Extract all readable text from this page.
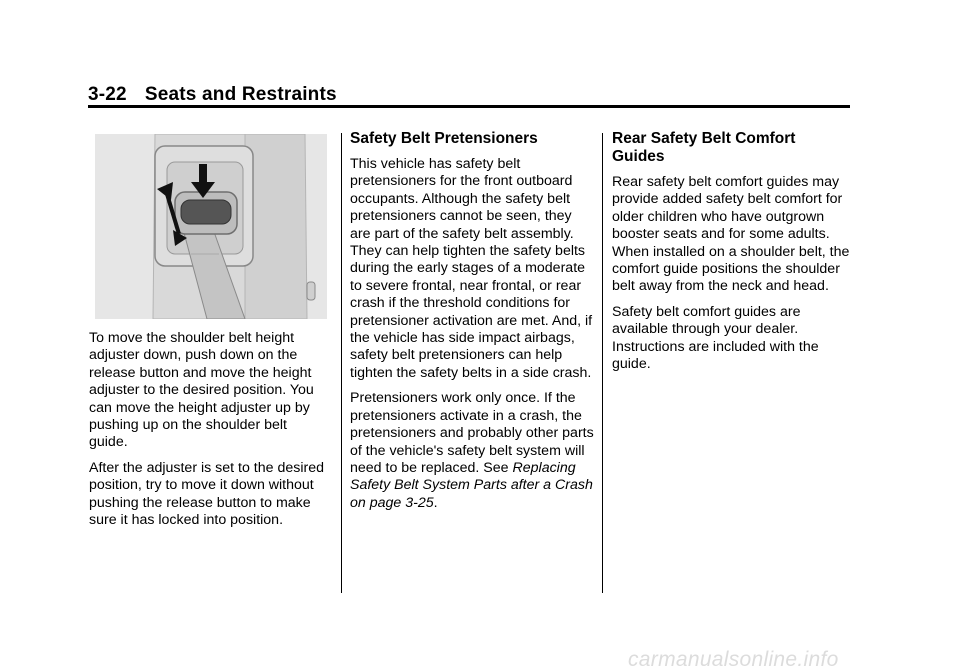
3-22 Seats and Restraints

To move the shoulder belt height adjuster down, push down on the release button and move the height adjuster to the desired position. You can move the height adjuster up by pushing up on the shoulder belt guide.

After the adjuster is set to the desired position, try to move it down without pushing the release button to make sure it has locked into position.

Safety Belt Pretensioners

This vehicle has safety belt pretensioners for the front outboard occupants. Although the safety belt pretensioners cannot be seen, they are part of the safety belt assembly. They can help tighten the safety belts during the early stages of a moderate to severe frontal, near frontal, or rear crash if the threshold conditions for pretensioner activation are met. And, if the vehicle has side impact airbags, safety belt pretensioners can help tighten the safety belts in a side crash.

Pretensioners work only once. If the pretensioners activate in a crash, the pretensioners and probably other parts of the vehicle's safety belt system will need to be replaced. See Replacing Safety Belt System Parts after a Crash on page 3-25.

Rear Safety Belt Comfort Guides

Rear safety belt comfort guides may provide added safety belt comfort for older children who have outgrown booster seats and for some adults. When installed on a shoulder belt, the comfort guide positions the shoulder belt away from the neck and head.

Safety belt comfort guides are available through your dealer. Instructions are included with the guide.

carmanualsonline.info
